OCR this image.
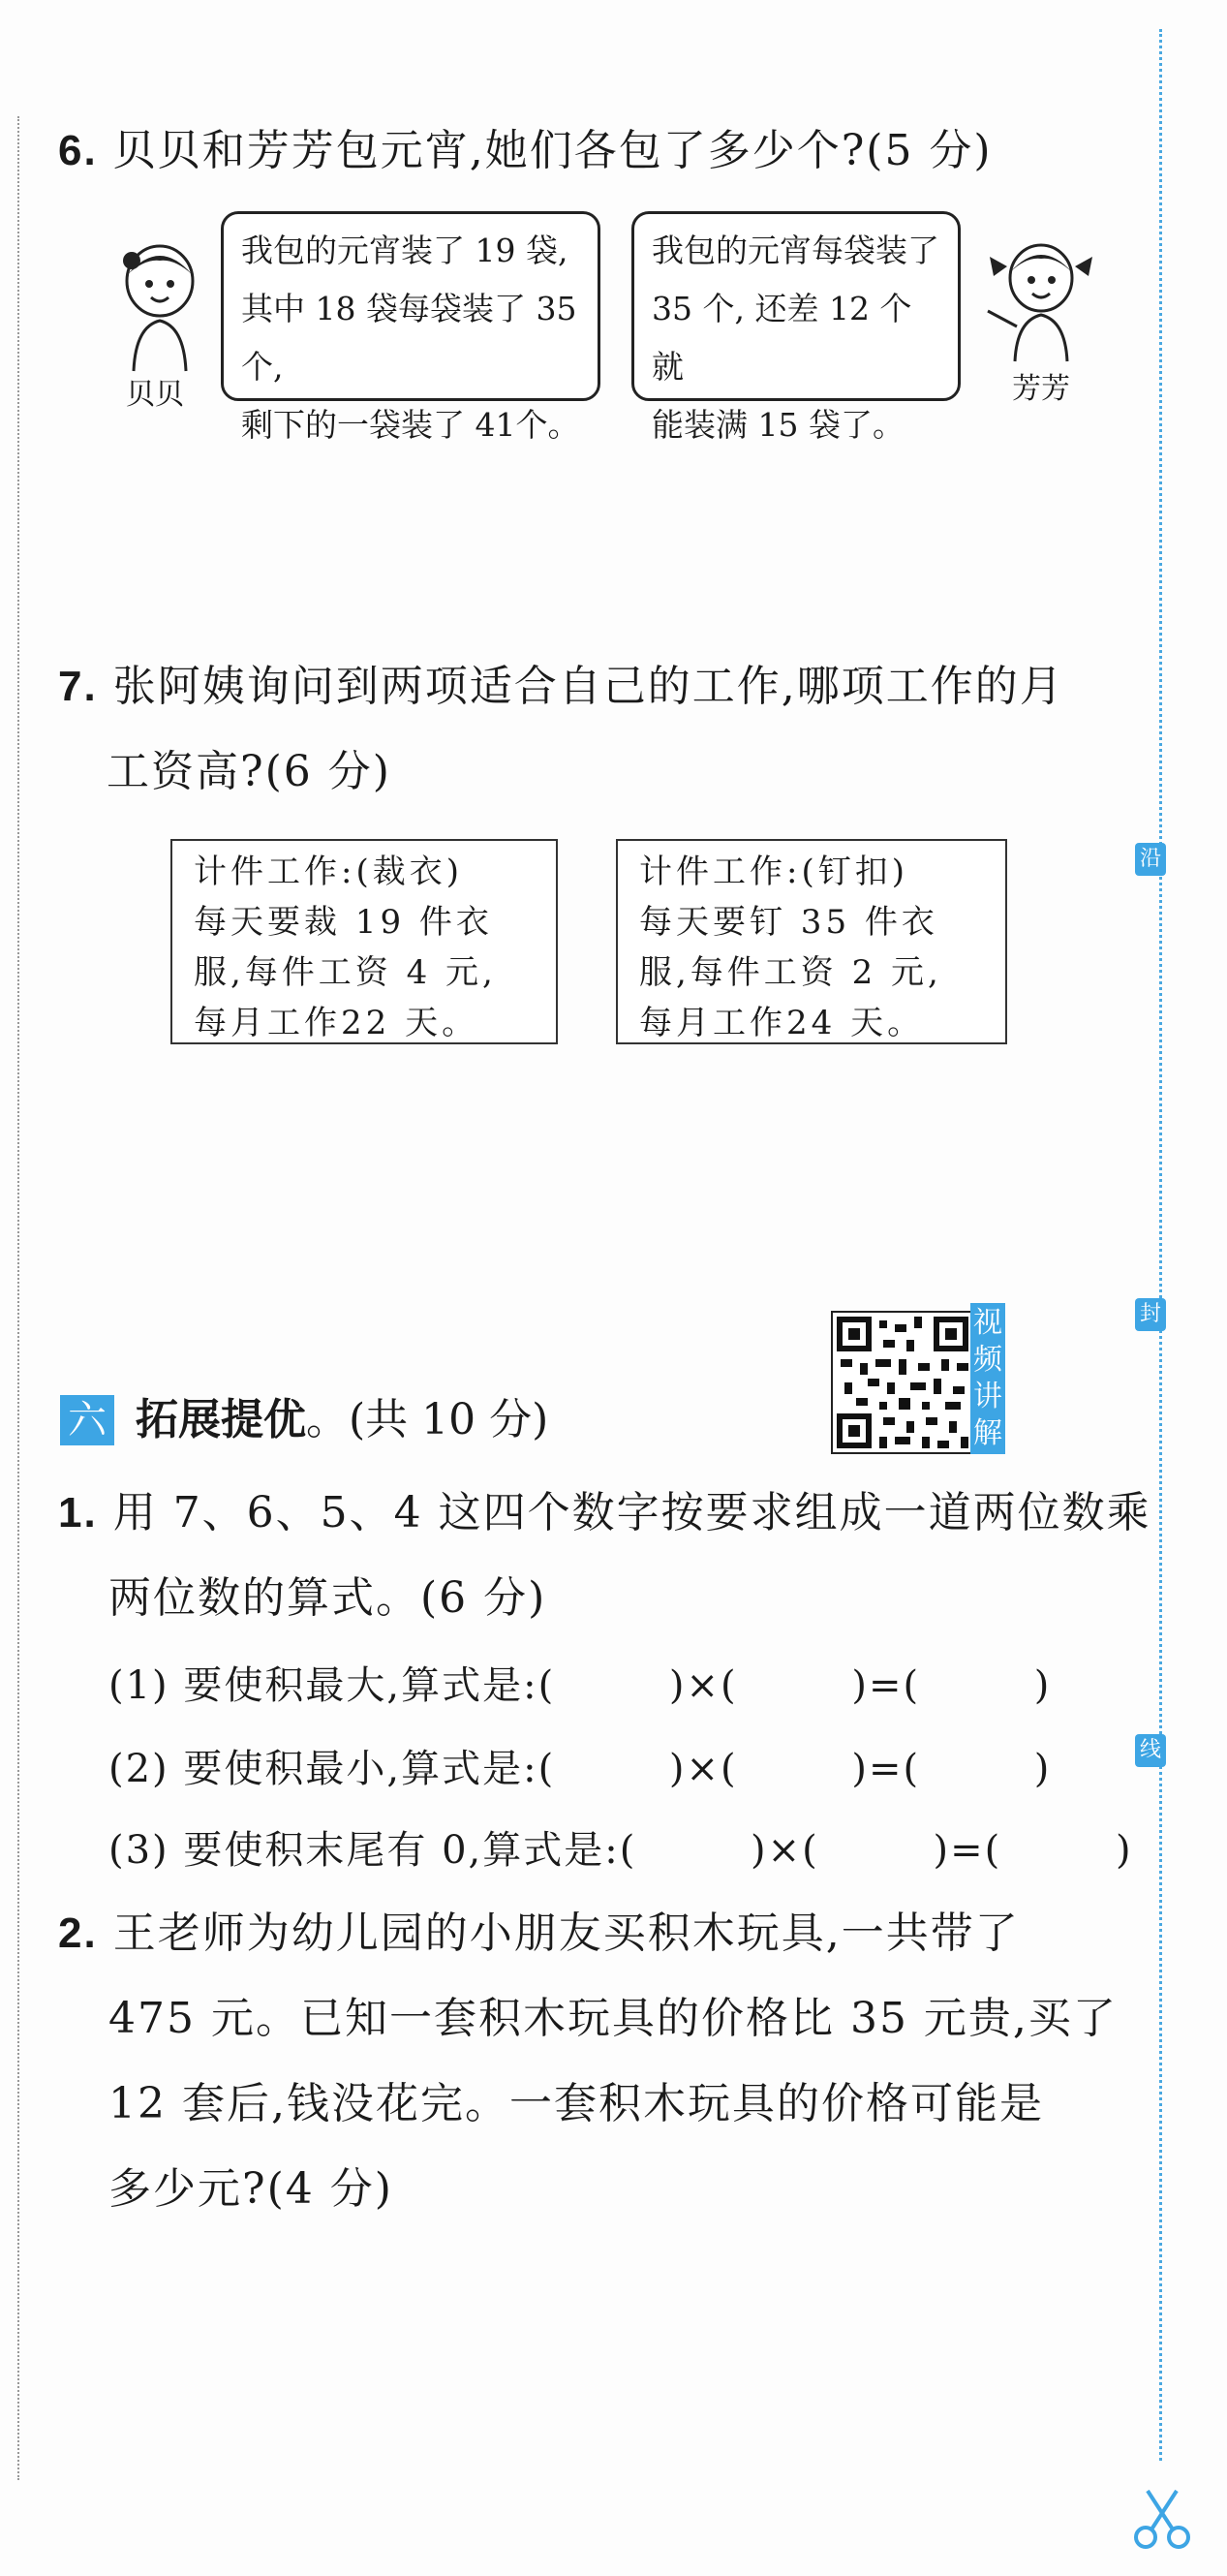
沿
封
线
6. 贝贝和芳芳包元宵,她们各包了多少个?(5 分)
贝贝
我包的元宵装了 19 袋,
其中 18 袋每袋装了 35 个,
剩下的一袋装了 41个。
我包的元宵每袋装了
35 个, 还差 12 个就
能装满 15 袋了。
芳芳
7. 张阿姨询问到两项适合自己的工作,哪项工作的月
工资高?(6 分)
计件工作:(裁衣)
每天要裁 19 件衣
服,每件工资 4 元,
每月工作22 天。
计件工作:(钉扣)
每天要钉 35 件衣
服,每件工资 2 元,
每月工作24 天。
六 拓展提优。(共 10 分)
视
频
讲
解
1. 用 7、6、5、4 这四个数字按要求组成一道两位数乘
两位数的算式。(6 分)
(1) 要使积最大,算式是:(        )×(        )=(        )
(2) 要使积最小,算式是:(        )×(        )=(        )
(3) 要使积末尾有 0,算式是:(        )×(        )=(        )
2. 王老师为幼儿园的小朋友买积木玩具,一共带了
475 元。已知一套积木玩具的价格比 35 元贵,买了
12 套后,钱没花完。一套积木玩具的价格可能是
多少元?(4 分)
